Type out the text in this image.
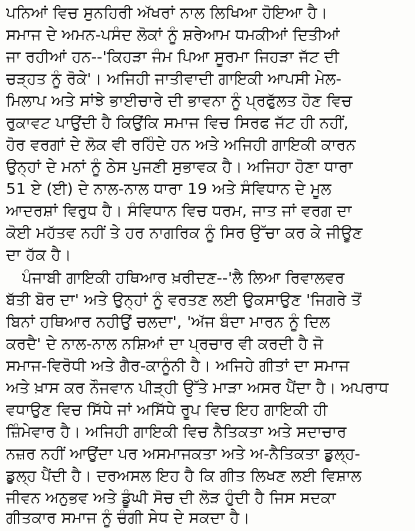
ਪਨਿਆਂ ਵਿਚ ਸੁਨਹਿਰੀ ਅੱਖਰਾਂ ਨਾਲ ਲਿਖਿਆ ਹੋਇਆ ਹੈ।
ਸਮਾਜ ਦੇ ਅਮਨ-ਪਸੰਦ ਲੋਕਾਂ ਨੂੰ ਸ਼ਰੇਆਮ ਧਮਕੀਆਂ ਦਿਤੀਆਂ
ਜਾ ਰਹੀਆਂ ਹਨ--'ਕਿਹੜਾ ਜੰਮ ਪਿਆ ਸੂਰਮਾ ਜਿਹੜਾ ਜੱਟ ਦੀ
ਚੜ੍ਹਤ ਨੂੰ ਰੋਕੇ'। ਅਜਿਹੀ ਜਾਤੀਵਾਦੀ ਗਾਇਕੀ ਆਪਸੀ ਮੇਲ-
ਮਿਲਾਪ ਅਤੇ ਸਾਂਝੇ ਭਾਈਚਾਰੇ ਦੀ ਭਾਵਨਾ ਨੂੰ ਪ੍ਰਫੁੱਲਤ ਹੋਣ ਵਿਚ
ਰੁਕਾਵਟ ਪਾਉਂਦੀ ਹੈ ਕਿਉਂਕਿ ਸਮਾਜ ਵਿਚ ਸਿਰਫ ਜੱਟ ਹੀ ਨਹੀਂ,
ਹੋਰ ਵਰਗਾਂ ਦੇ ਲੋਕ ਵੀ ਰਹਿੰਦੇ ਹਨ ਅਤੇ ਅਜਿਹੀ ਗਾਇਕੀ ਕਾਰਨ
ਉਨ੍ਹਾਂ ਦੇ ਮਨਾਂ ਨੂੰ ਠੇਸ ਪੁਜਣੀ ਸੁਭਾਵਕ ਹੈ। ਅਜਿਹਾ ਹੋਣਾ ਧਾਰਾ
51 ਏ (ਈ) ਦੇ ਨਾਲ-ਨਾਲ ਧਾਰਾ 19 ਅਤੇ ਸੰਵਿਧਾਨ ਦੇ ਮੂਲ
ਆਦਰਸ਼ਾਂ ਵਿਰੁਧ ਹੈ। ਸੰਵਿਧਾਨ ਵਿਚ ਧਰਮ, ਜਾਤ ਜਾਂ ਵਰਗ ਦਾ
ਕੋਈ ਮਹੱਤਵ ਨਹੀਂ ਤੇ ਹਰ ਨਾਗਰਿਕ ਨੂੰ ਸਿਰ ਉੱਚਾ ਕਰ ਕੇ ਜੀਊਣ
ਦਾ ਹੱਕ ਹੈ।
ਪੰਜਾਬੀ ਗਾਇਕੀ ਹਥਿਆਰ ਖ਼ਰੀਦਣ--'ਲੈ ਲਿਆ ਰਿਵਾਲਵਰ
ਬੱਤੀ ਬੋਰ ਦਾ' ਅਤੇ ਉਨ੍ਹਾਂ ਨੂੰ ਵਰਤਣ ਲਈ ਉਕਸਾਉਣ 'ਜਿਗਰੇ ਤੋਂ
ਬਿਨਾਂ ਹਥਿਆਰ ਨਹੀਉਂ ਚਲਦਾ', 'ਅੱਜ ਬੰਦਾ ਮਾਰਨ ਨੂੰ ਦਿਲ
ਕਰਦੈ' ਦੇ ਨਾਲ-ਨਾਲ ਨਸ਼ਿਆਂ ਦਾ ਪ੍ਰਚਾਰ ਵੀ ਕਰਦੀ ਹੈ ਜੋ
ਸਮਾਜ-ਵਿਰੋਧੀ ਅਤੇ ਗੈਰ-ਕਾਨੂੰਨੀ ਹੈ। ਅਜਿਹੇ ਗੀਤਾਂ ਦਾ ਸਮਾਜ
ਅਤੇ ਖ਼ਾਸ ਕਰ ਨੌਜਵਾਨ ਪੀੜ੍ਹੀ ਉੱਤੇ ਮਾੜਾ ਅਸਰ ਪੈਂਦਾ ਹੈ। ਅਪਰਾਧ
ਵਧਾਉਣ ਵਿਚ ਸਿੱਧੇ ਜਾਂ ਅਸਿੱਧੇ ਰੂਪ ਵਿਚ ਇਹ ਗਾਇਕੀ ਹੀ
ਜ਼ਿੰਮੇਵਾਰ ਹੈ। ਅਜਿਹੀ ਗਾਇਕੀ ਵਿਚ ਨੈਤਿਕਤਾ ਅਤੇ ਸਦਾਚਾਰ
ਨਜ਼ਰ ਨਹੀਂ ਆਉਂਦਾ ਪਰ ਅਸਮਾਜਕਤਾ ਅਤੇ ਅ-ਨੈਤਿਕਤਾ ਡੁਲ੍ਹ-
ਡੁਲ੍ਹ ਪੈਂਦੀ ਹੈ। ਦਰਅਸਲ ਇਹ ਹੈ ਕਿ ਗੀਤ ਲਿਖਣ ਲਈ ਵਿਸ਼ਾਲ
ਜੀਵਨ ਅਨੁਭਵ ਅਤੇ ਡੂੰਘੀ ਸੋਚ ਦੀ ਲੋੜ ਹੁੰਦੀ ਹੈ ਜਿਸ ਸਦਕਾ
ਗੀਤਕਾਰ ਸਮਾਜ ਨੂੰ ਚੰਗੀ ਸੇਧ ਦੇ ਸਕਦਾ ਹੈ।
